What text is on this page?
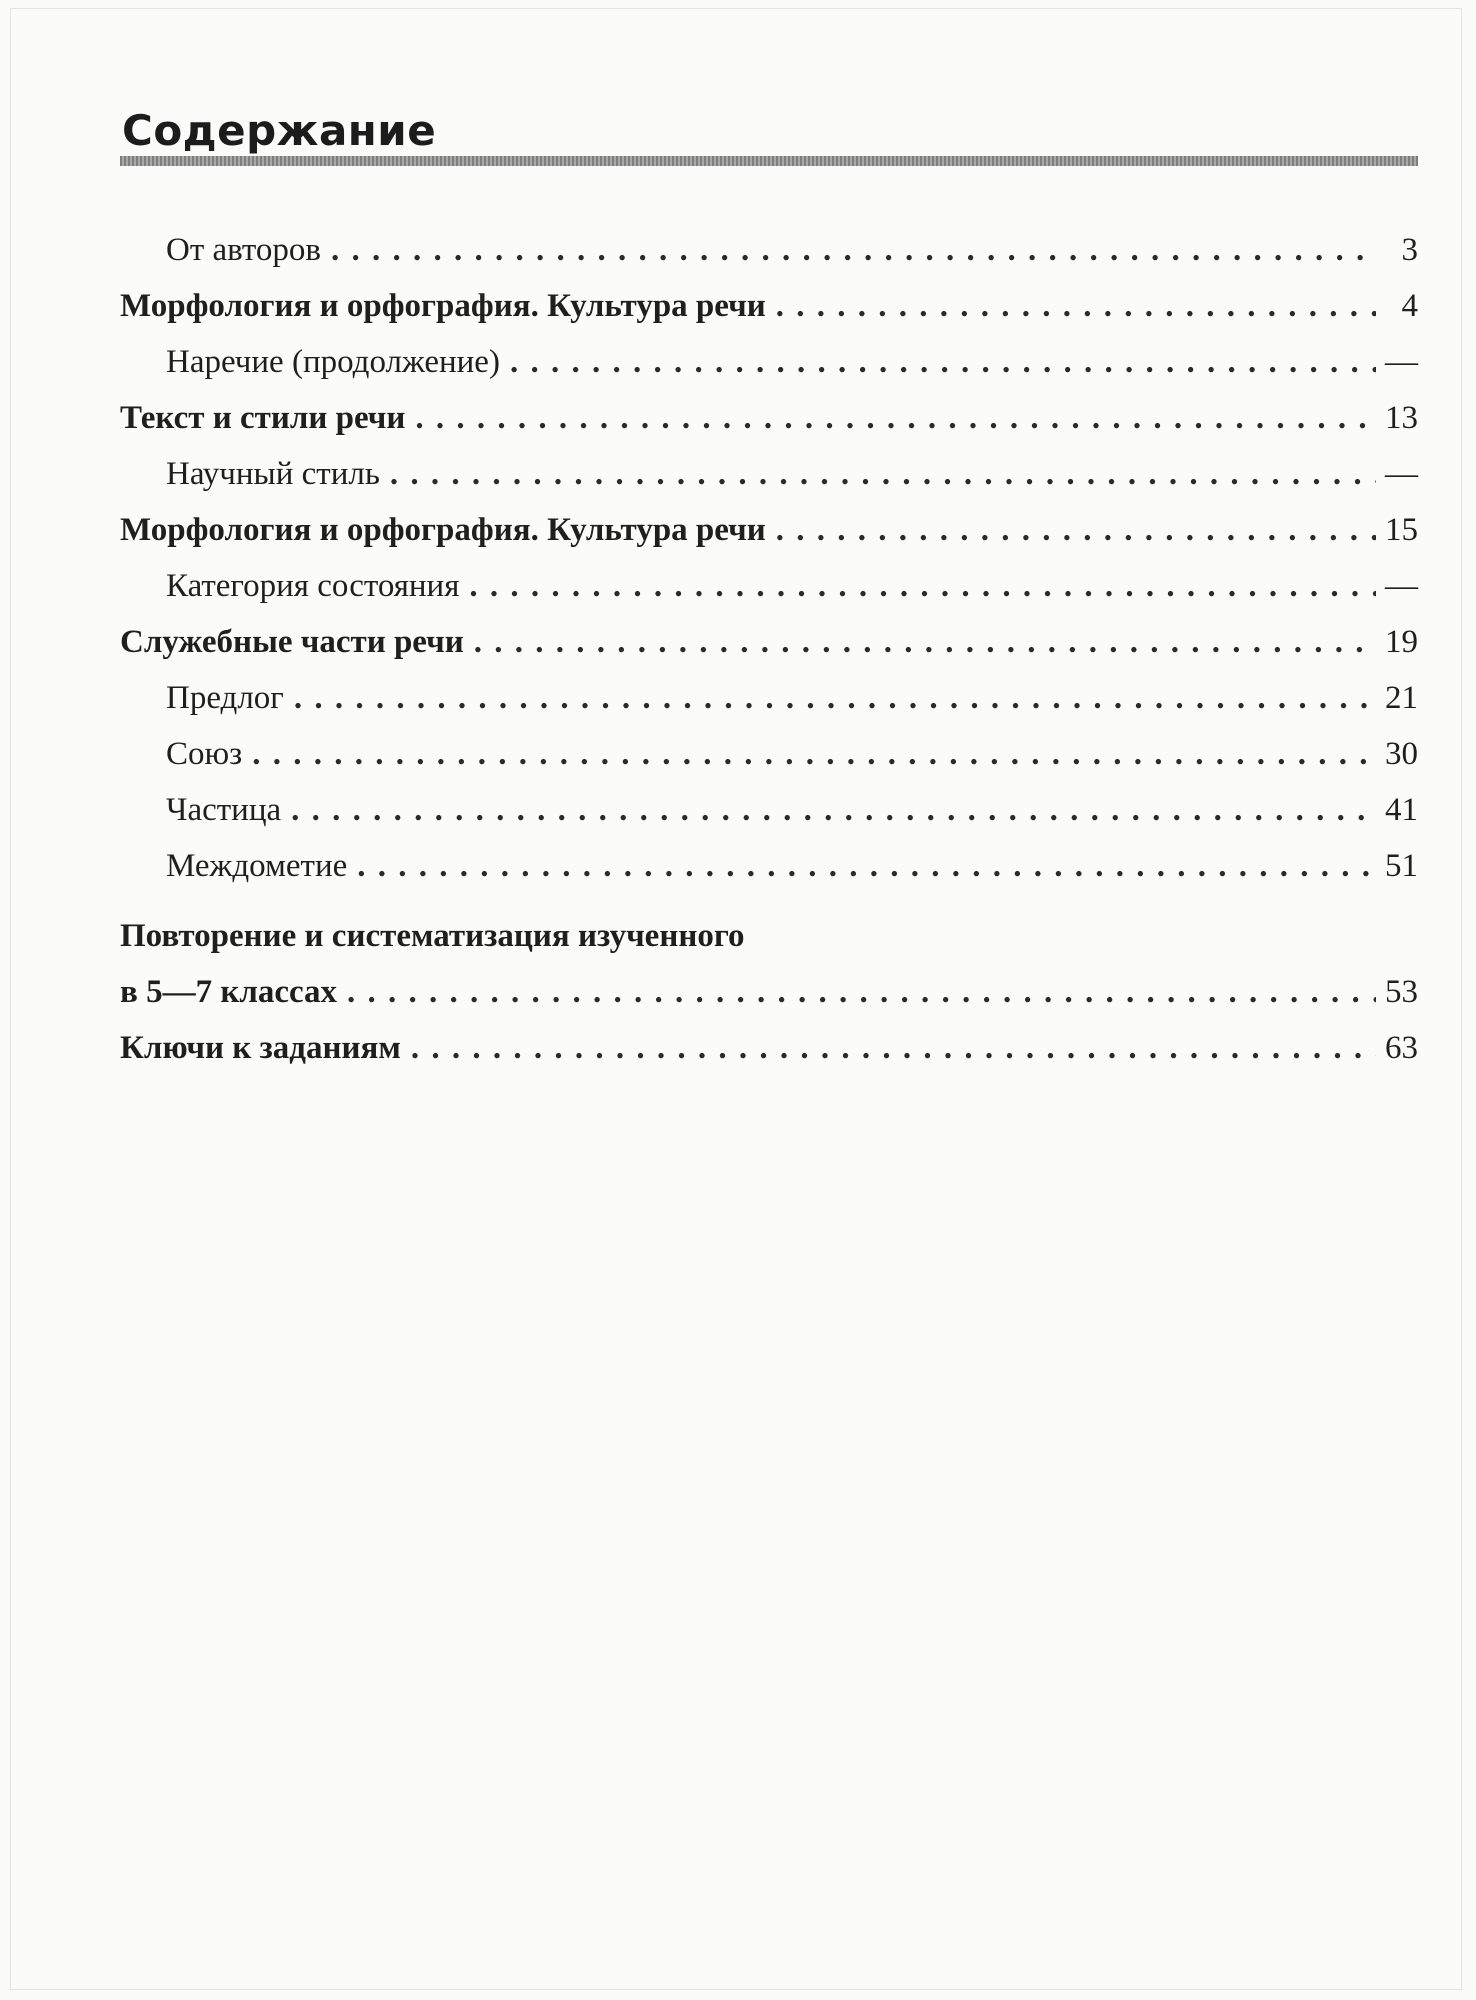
Содержание
От авторов . . .	3
Морфология и орфография. Культура речи . . .	4
Наречие (продолжение) . . .	—
Текст и стили речи . . .	13
Научный стиль . . .	—
Морфология и орфография. Культура речи . . .	15
Категория состояния . . .	—
Служебные части речи . . .	19
Предлог . . .	21
Союз . . .	30
Частица . . .	41
Междометие . . .	51
Повторение и систематизация изученного
в 5—7 классах . . .	53
Ключи к заданиям . . .	63
